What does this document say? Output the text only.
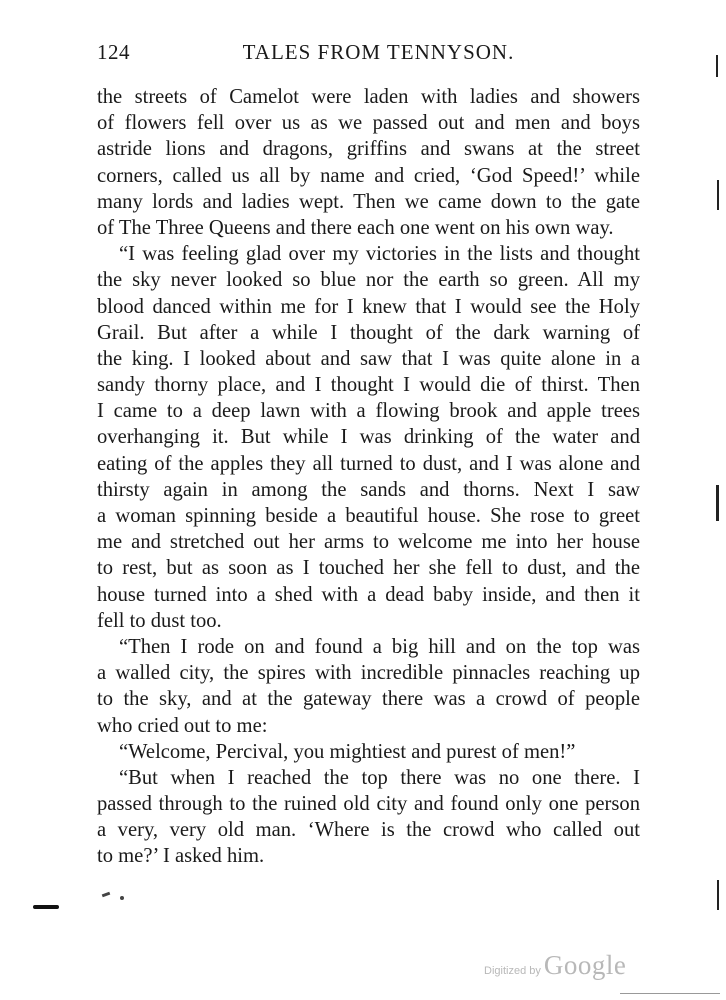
124	TALES FROM TENNYSON.
the streets of Camelot were laden with ladies and showers
of flowers fell over us as we passed out and men and boys
astride lions and dragons, griffins and swans at the street
corners, called us all by name and cried, ‘God Speed!’ while
many lords and ladies wept. Then we came down to the gate
of The Three Queens and there each one went on his own way.
“I was feeling glad over my victories in the lists and thought
the sky never looked so blue nor the earth so green. All my
blood danced within me for I knew that I would see the Holy
Grail. But after a while I thought of the dark warning of
the king. I looked about and saw that I was quite alone in a
sandy thorny place, and I thought I would die of thirst. Then
I came to a deep lawn with a flowing brook and apple trees
overhanging it. But while I was drinking of the water and
eating of the apples they all turned to dust, and I was alone and
thirsty again in among the sands and thorns. Next I saw
a woman spinning beside a beautiful house. She rose to greet
me and stretched out her arms to welcome me into her house
to rest, but as soon as I touched her she fell to dust, and the
house turned into a shed with a dead baby inside, and then it
fell to dust too.
“Then I rode on and found a big hill and on the top was
a walled city, the spires with incredible pinnacles reaching up
to the sky, and at the gateway there was a crowd of people
who cried out to me:
“Welcome, Percival, you mightiest and purest of men!”
“But when I reached the top there was no one there. I
passed through to the ruined old city and found only one person
a very, very old man. ‘Where is the crowd who called out
to me?’ I asked him.
Digitized by Google
